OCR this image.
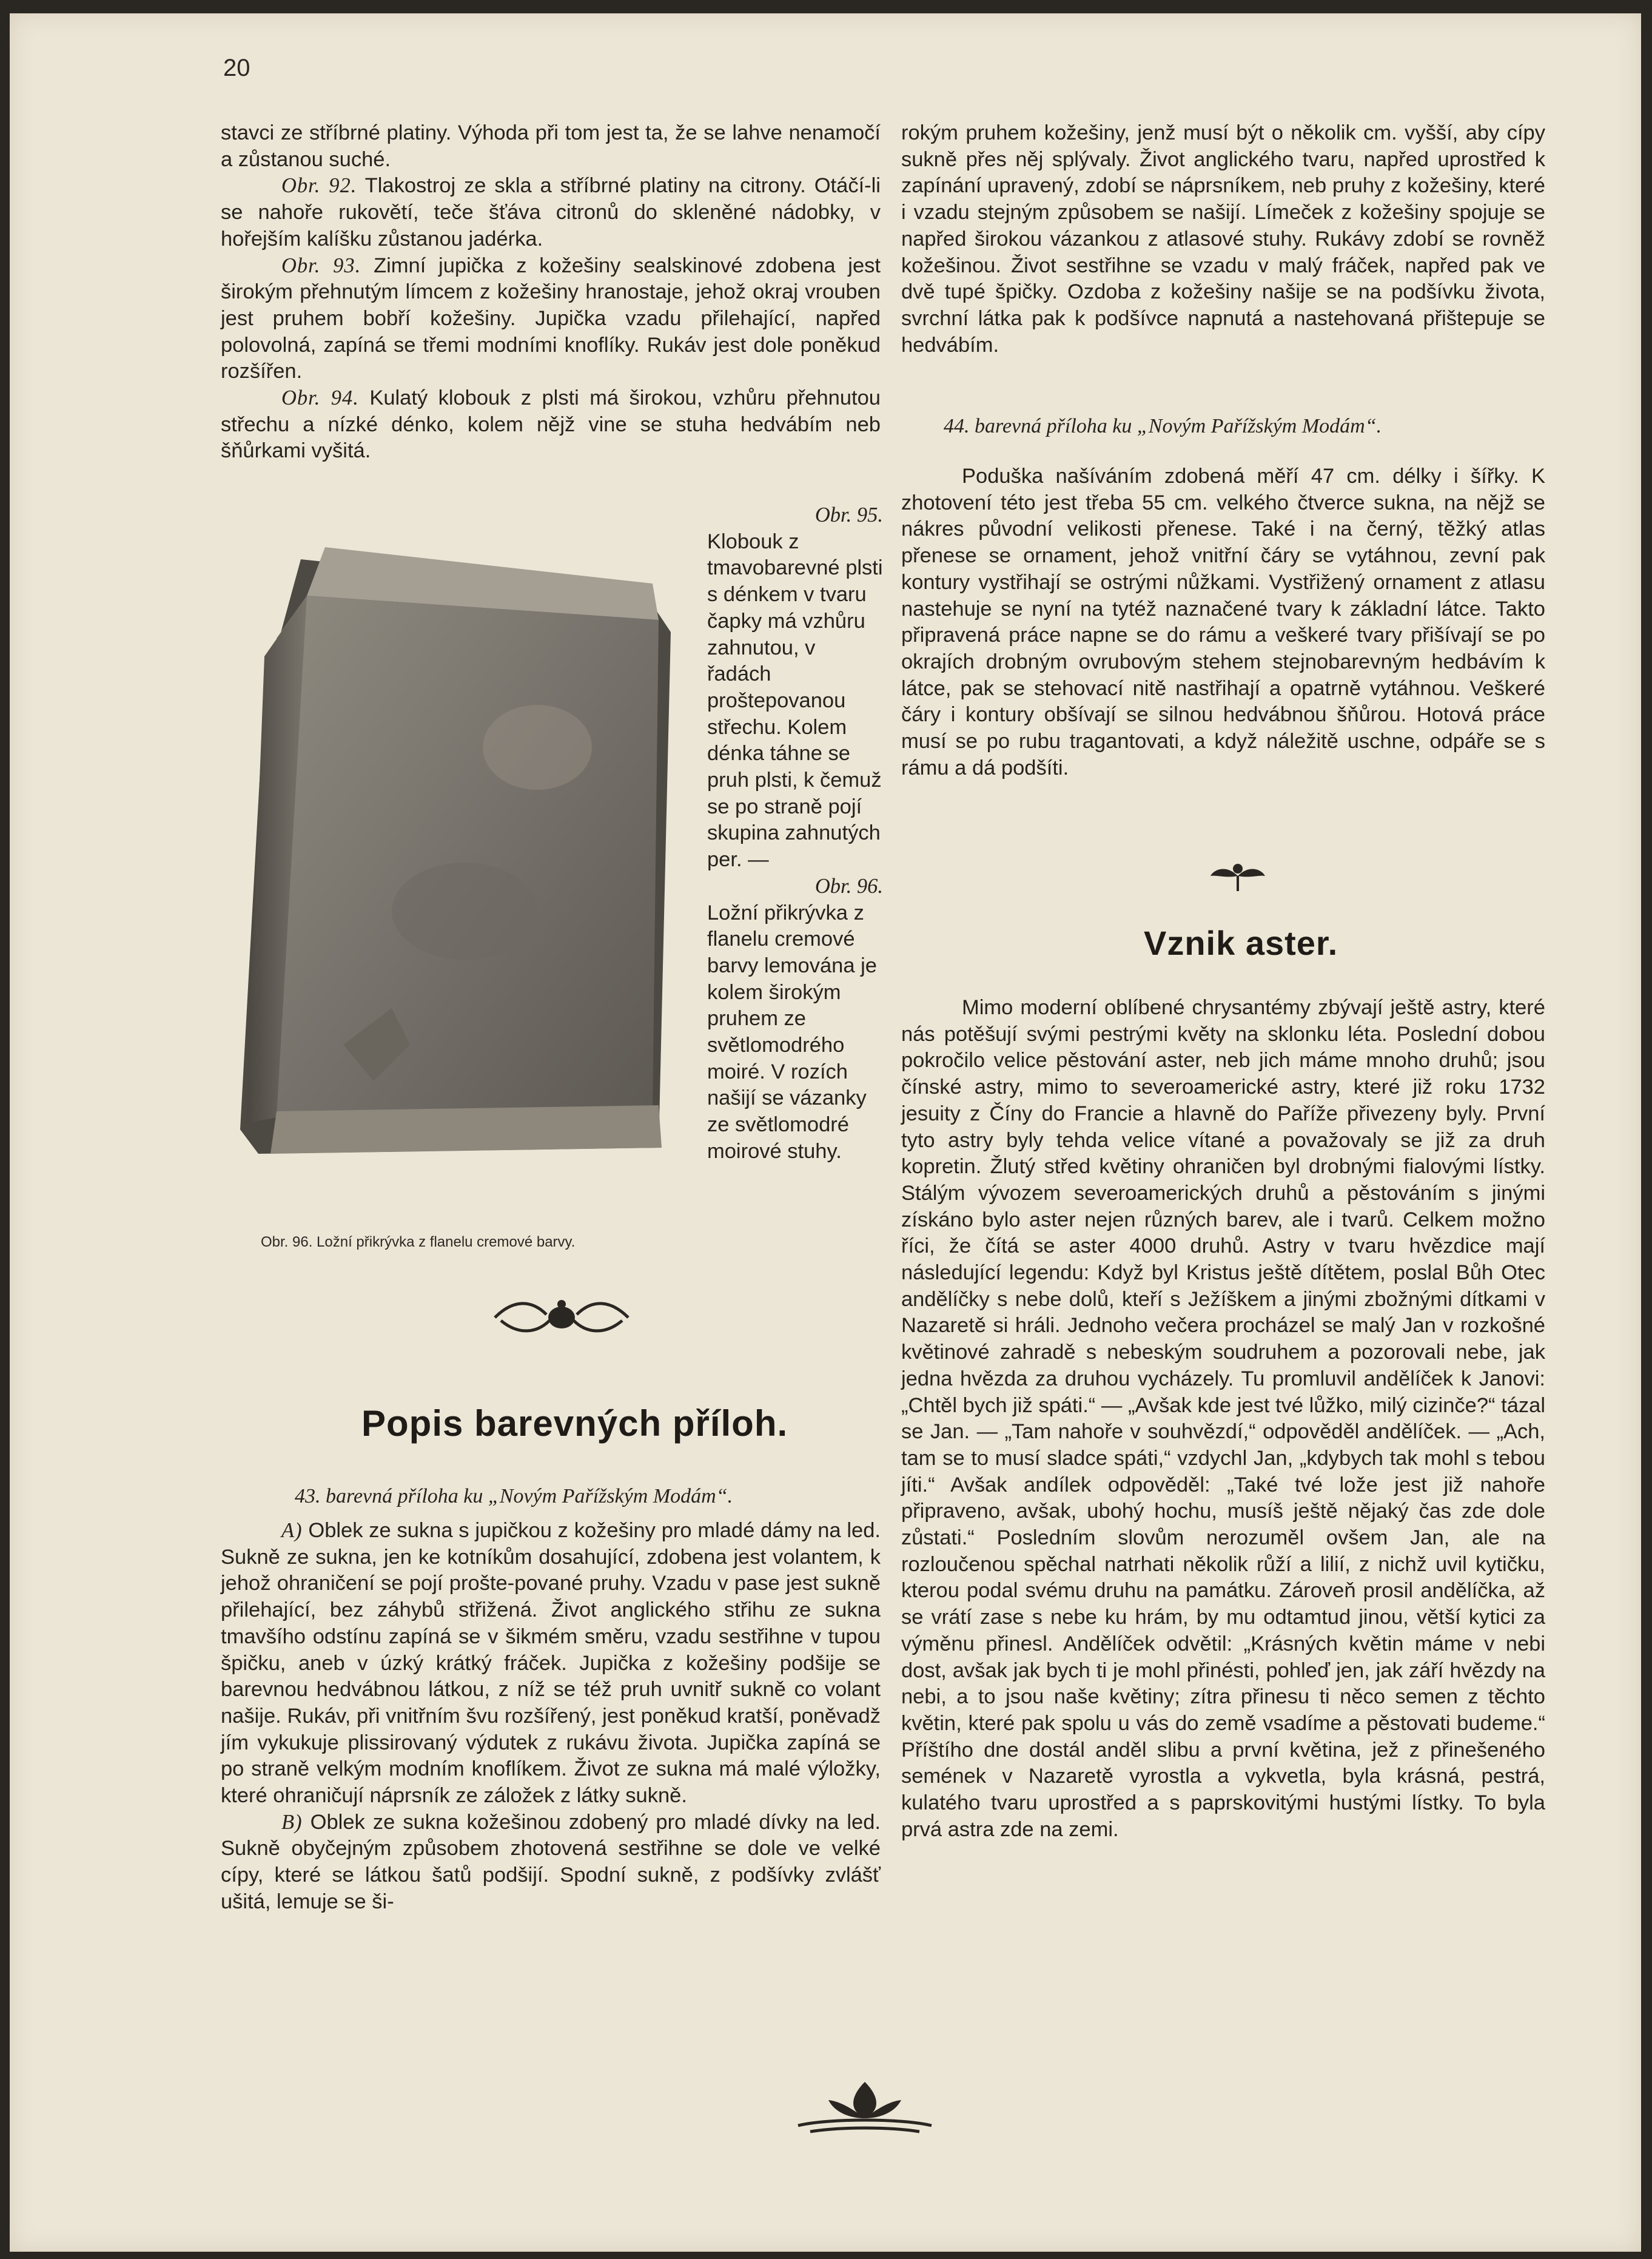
20

stavci ze stříbrné platiny. Výhoda při tom jest ta, že se lahve nenamočí a zůstanou suché.

Obr. 92. Tlakostroj ze skla a stříbrné platiny na citrony. Otáčí-li se nahoře rukovětí, teče šťáva citronů do skleněné nádobky, v hořejším kalíšku zůstanou jadérka.

Obr. 93. Zimní jupička z kožešiny sealskinové zdobena jest širokým přehnutým límcem z kožešiny hranostaje, jehož okraj vrouben jest pruhem bobří kožešiny. Jupička vzadu přilehající, napřed polovolná, zapíná se třemi modními knoflíky. Rukáv jest dole poněkud rozšířen.

Obr. 94. Kulatý klobouk z plsti má širokou, vzhůru přehnutou střechu a nízké dénko, kolem nějž vine se stuha hedvábím neb šňůrkami vyšitá.

Obr. 95.

Klobouk z tmavobarevné plsti s dénkem v tvaru čapky má vzhůru zahnutou, v řadách proštepovanou střechu. Kolem dénka táhne se pruh plsti, k čemuž se po straně pojí skupina zahnutých per. —

Obr. 96.

Ložní přikrývka z flanelu cremové barvy lemována je kolem širokým pruhem ze světlomodrého moiré. V rozích našijí se vázanky ze světlomodré moirové stuhy.

Obr. 96. Ložní přikrývka z flanelu cremové barvy.
Popis barevných příloh.
43. barevná příloha ku „Novým Pařížským Modám“.

A) Oblek ze sukna s jupičkou z kožešiny pro mladé dámy na led. Sukně ze sukna, jen ke kotníkům dosahující, zdobena jest volantem, k jehož ohraničení se pojí prošte-pované pruhy. Vzadu v pase jest sukně přilehající, bez záhybů střižená. Život anglického střihu ze sukna tmavšího odstínu zapíná se v šikmém směru, vzadu sestřihne v tupou špičku, aneb v úzký krátký fráček. Jupička z kožešiny podšije se barevnou hedvábnou látkou, z níž se též pruh uvnitř sukně co volant našije. Rukáv, při vnitřním švu rozšířený, jest poněkud kratší, poněvadž jím vykukuje plissirovaný výdutek z rukávu života. Jupička zapíná se po straně velkým modním knoflíkem. Život ze sukna má malé výložky, které ohraničují náprsník ze záložek z látky sukně.

B) Oblek ze sukna kožešinou zdobený pro mladé dívky na led. Sukně obyčejným způsobem zhotovená sestřihne se dole ve velké cípy, které se látkou šatů podšijí. Spodní sukně, z podšívky zvlášť ušitá, lemuje se ši-

rokým pruhem kožešiny, jenž musí být o několik cm. vyšší, aby cípy sukně přes něj splývaly. Život anglického tvaru, napřed uprostřed k zapínání upravený, zdobí se náprsníkem, neb pruhy z kožešiny, které i vzadu stejným způsobem se našijí. Límeček z kožešiny spojuje se napřed širokou vázankou z atlasové stuhy. Rukávy zdobí se rovněž kožešinou. Život sestřihne se vzadu v malý fráček, napřed pak ve dvě tupé špičky. Ozdoba z kožešiny našije se na podšívku života, svrchní látka pak k podšívce napnutá a nastehovaná přištepuje se hedvábím.

44. barevná příloha ku „Novým Pařížským Modám“.

Poduška našíváním zdobená měří 47 cm. délky i šířky. K zhotovení této jest třeba 55 cm. velkého čtverce sukna, na nějž se nákres původní velikosti přenese. Také i na černý, těžký atlas přenese se ornament, jehož vnitřní čáry se vytáhnou, zevní pak kontury vystřihají se ostrými nůžkami. Vystřižený ornament z atlasu nastehuje se nyní na tytéž naznačené tvary k základní látce. Takto připravená práce napne se do rámu a veškeré tvary přišívají se po okrajích drobným ovrubovým stehem stejnobarevným hedbávím k látce, pak se stehovací nitě nastřihají a opatrně vytáhnou. Veškeré čáry i kontury obšívají se silnou hedvábnou šňůrou. Hotová práce musí se po rubu tragantovati, a když náležitě uschne, odpáře se s rámu a dá podšíti.

Vznik aster.

Mimo moderní oblíbené chrysantémy zbývají ještě astry, které nás potěšují svými pestrými květy na sklonku léta. Poslední dobou pokročilo velice pěstování aster, neb jich máme mnoho druhů; jsou čínské astry, mimo to severoamerické astry, které již roku 1732 jesuity z Číny do Francie a hlavně do Paříže přivezeny byly. První tyto astry byly tehda velice vítané a považovaly se již za druh kopretin. Žlutý střed květiny ohraničen byl drobnými fialovými lístky. Stálým vývozem severoamerických druhů a pěstováním s jinými získáno bylo aster nejen různých barev, ale i tvarů. Celkem možno říci, že čítá se aster 4000 druhů. Astry v tvaru hvězdice mají následující legendu: Když byl Kristus ještě dítětem, poslal Bůh Otec andělíčky s nebe dolů, kteří s Ježíškem a jinými zbožnými dítkami v Nazaretě si hráli. Jednoho večera procházel se malý Jan v rozkošné květinové zahradě s nebeským soudruhem a pozorovali nebe, jak jedna hvězda za druhou vycházely. Tu promluvil andělíček k Janovi: „Chtěl bych již spáti.“ — „Avšak kde jest tvé lůžko, milý cizinče?“ tázal se Jan. — „Tam nahoře v souhvězdí,“ odpověděl andělíček. — „Ach, tam se to musí sladce spáti,“ vzdychl Jan, „kdybych tak mohl s tebou jíti.“ Avšak andílek odpověděl: „Také tvé lože jest již nahoře připraveno, avšak, ubohý hochu, musíš ještě nějaký čas zde dole zůstati.“ Posledním slovům nerozuměl ovšem Jan, ale na rozloučenou spěchal natrhati několik růží a lilií, z nichž uvil kytičku, kterou podal svému druhu na památku. Zároveň prosil andělíčka, až se vrátí zase s nebe ku hrám, by mu odtamtud jinou, větší kytici za výměnu přinesl. Andělíček odvětil: „Krásných květin máme v nebi dost, avšak jak bych ti je mohl přinésti, pohleď jen, jak září hvězdy na nebi, a to jsou naše květiny; zítra přinesu ti něco semen z těchto květin, které pak spolu u vás do země vsadíme a pěstovati budeme.“ Příštího dne dostál anděl slibu a první květina, jež z přinešeného semének v Nazaretě vyrostla a vykvetla, byla krásná, pestrá, kulatého tvaru uprostřed a s paprskovitými hustými lístky. To byla prvá astra zde na zemi.
